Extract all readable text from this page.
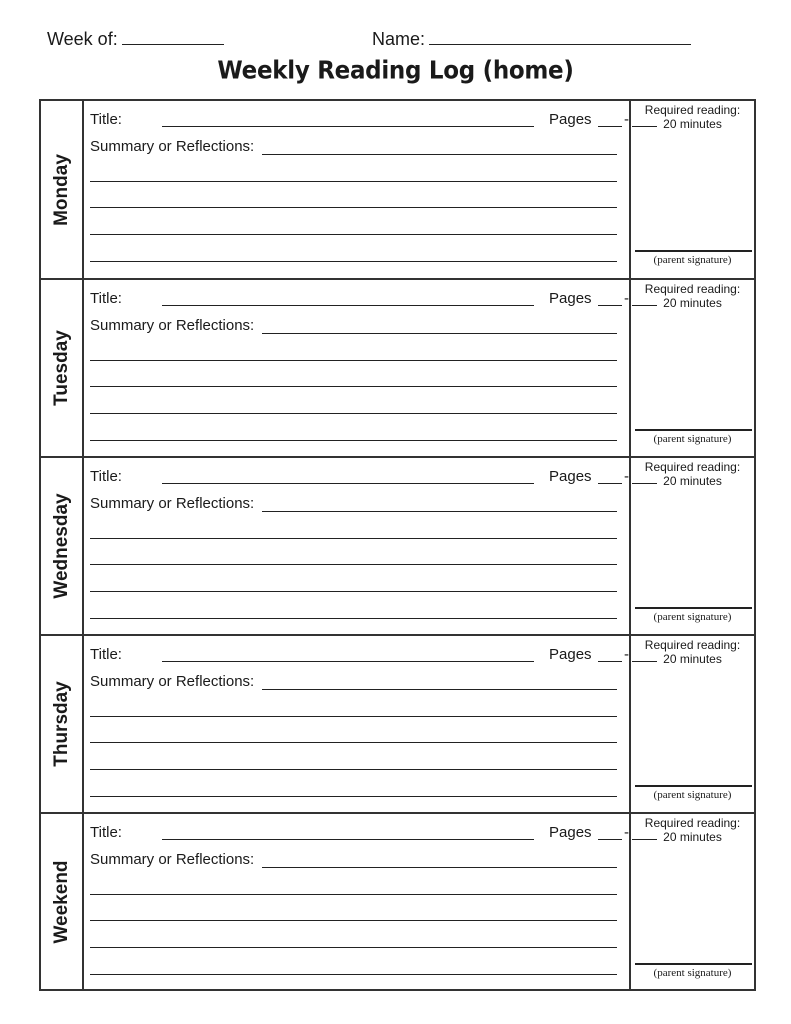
Week of:	Name:
Weekly Reading Log (home)
Monday
Title:	Pages -
Summary or Reflections:
Required reading:
20 minutes
(parent signature)
Tuesday
Title:	Pages -
Summary or Reflections:
Required reading:
20 minutes
(parent signature)
Wednesday
Title:	Pages -
Summary or Reflections:
Required reading:
20 minutes
(parent signature)
Thursday
Title:	Pages -
Summary or Reflections:
Required reading:
20 minutes
(parent signature)
Weekend
Title:	Pages -
Summary or Reflections:
Required reading:
20 minutes
(parent signature)
